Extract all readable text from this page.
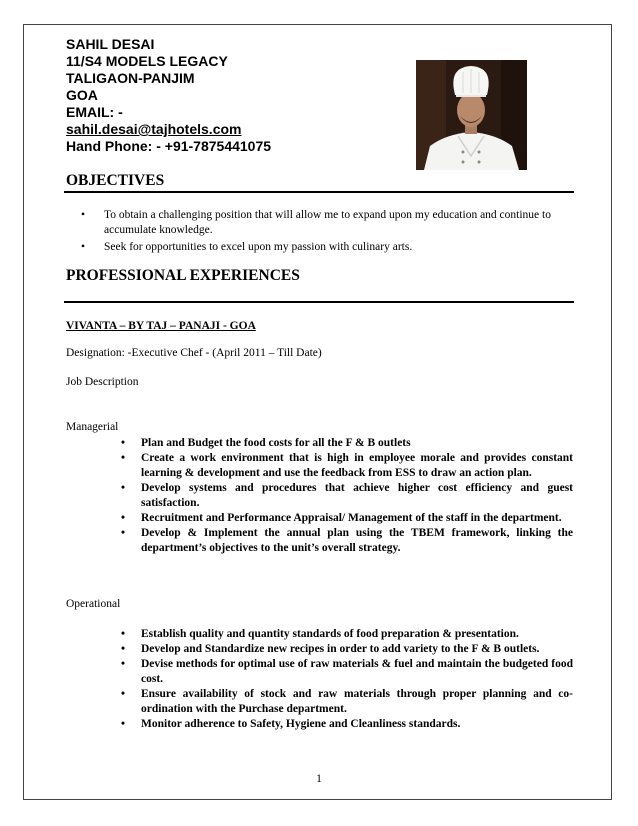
SAHIL DESAI
11/S4 MODELS LEGACY
TALIGAON-PANJIM
GOA
EMAIL: -
sahil.desai@tajhotels.com
Hand Phone: - +91-7875441075
OBJECTIVES
• To obtain a challenging position that will allow me to expand upon my education and continue to accumulate knowledge.
• Seek for opportunities to excel upon my passion with culinary arts.
PROFESSIONAL EXPERIENCES
VIVANTA – BY TAJ – PANAJI - GOA
Designation: -Executive Chef - (April 2011 – Till Date)
Job Description
Managerial
• Plan and Budget the food costs for all the F & B outlets
• Create a work environment that is high in employee morale and provides constant learning & development and use the feedback from ESS to draw an action plan.
• Develop systems and procedures that achieve higher cost efficiency and guest satisfaction.
• Recruitment and Performance Appraisal/ Management of the staff in the department.
• Develop & Implement the annual plan using the TBEM framework, linking the department’s objectives to the unit’s overall strategy.
Operational
• Establish quality and quantity standards of food preparation & presentation.
• Develop and Standardize new recipes in order to add variety to the F & B outlets.
• Devise methods for optimal use of raw materials & fuel and maintain the budgeted food cost.
• Ensure availability of stock and raw materials through proper planning and co-ordination with the Purchase department.
• Monitor adherence to Safety, Hygiene and Cleanliness standards.
1
